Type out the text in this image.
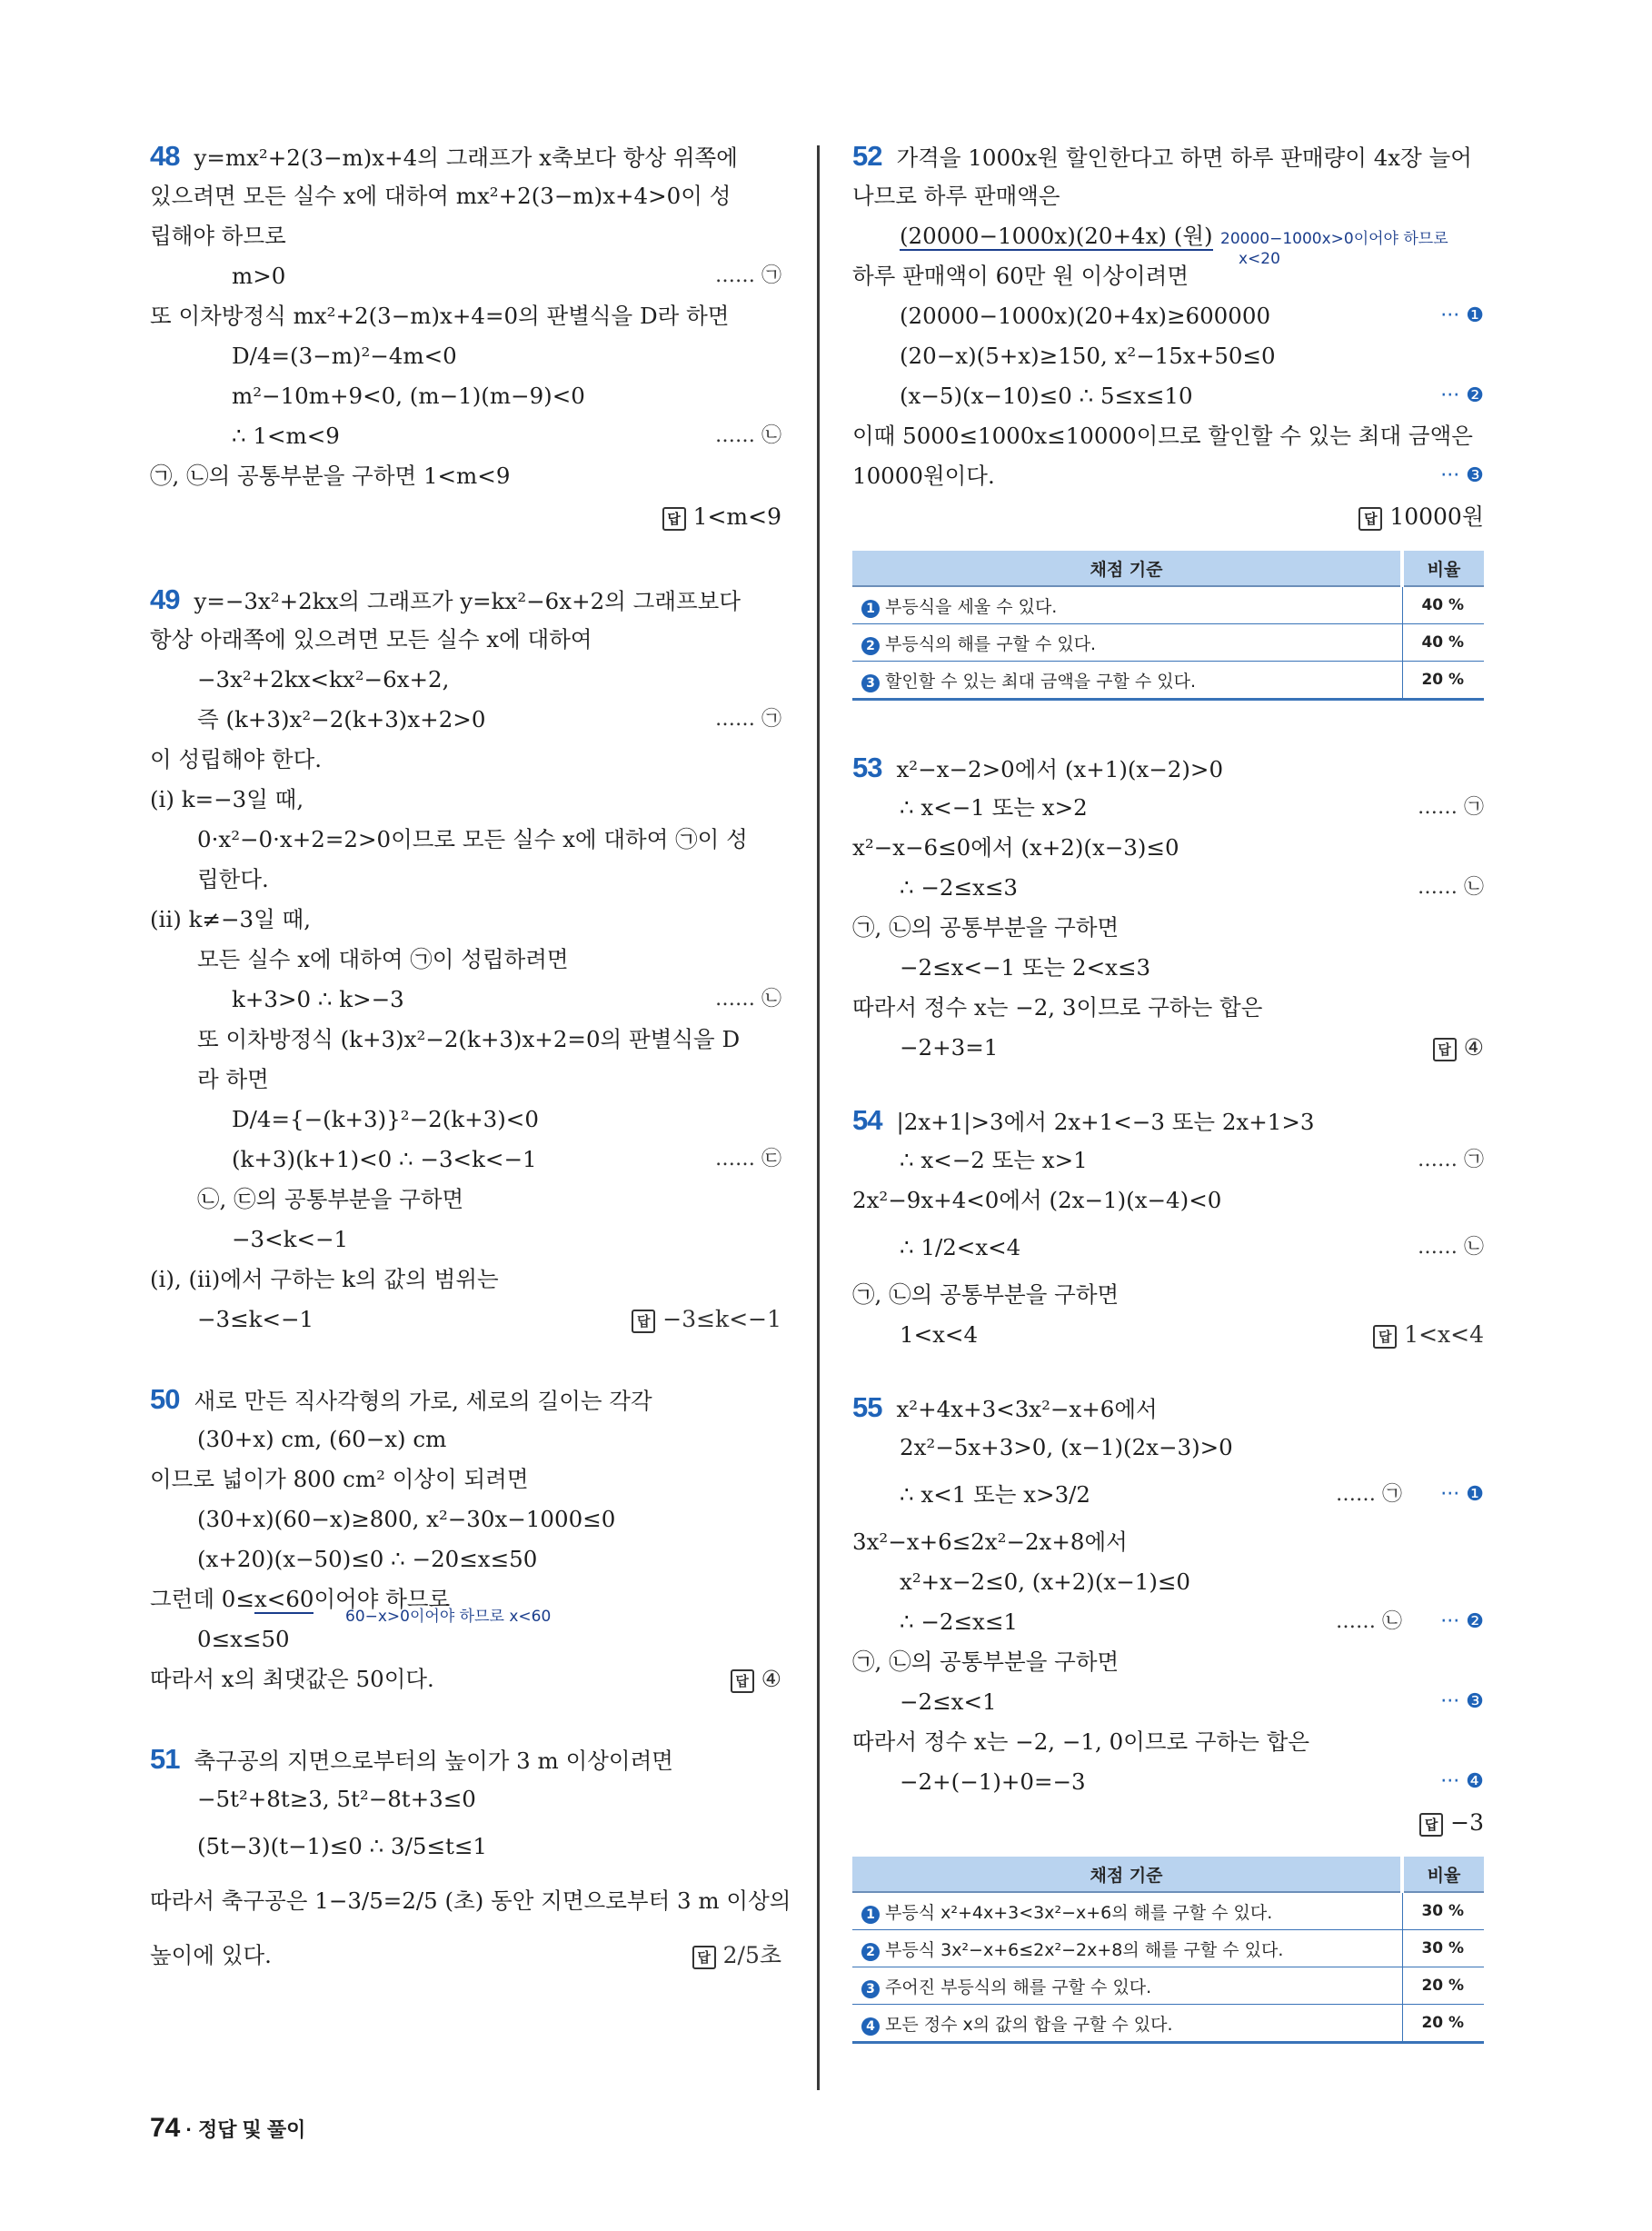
48 y=mx²+2(3−m)x+4의 그래프가 x축보다 항상 위쪽에
있으려면 모든 실수 x에 대하여 mx²+2(3−m)x+4>0이 성
립해야 하므로
m>0	…… ㉠
또 이차방정식 mx²+2(3−m)x+4=0의 판별식을 D라 하면
D/4=(3−m)²−4m<0
m²−10m+9<0, (m−1)(m−9)<0
∴ 1<m<9	…… ㉡
㉠, ㉡의 공통부분을 구하면 1<m<9
답 1<m<9
49 y=−3x²+2kx의 그래프가 y=kx²−6x+2의 그래프보다
항상 아래쪽에 있으려면 모든 실수 x에 대하여
−3x²+2kx<kx²−6x+2,
즉 (k+3)x²−2(k+3)x+2>0	…… ㉠
이 성립해야 한다.
(ⅰ) k=−3일 때,
0·x²−0·x+2=2>0이므로 모든 실수 x에 대하여 ㉠이 성
립한다.
(ⅱ) k≠−3일 때,
모든 실수 x에 대하여 ㉠이 성립하려면
k+3>0 ∴ k>−3	…… ㉡
또 이차방정식 (k+3)x²−2(k+3)x+2=0의 판별식을 D
라 하면
D/4={−(k+3)}²−2(k+3)<0
(k+3)(k+1)<0 ∴ −3<k<−1	…… ㉢
㉡, ㉢의 공통부분을 구하면
−3<k<−1
(ⅰ), (ⅱ)에서 구하는 k의 값의 범위는
−3≤k<−1	답 −3≤k<−1
50 새로 만든 직사각형의 가로, 세로의 길이는 각각
(30+x) cm, (60−x) cm
이므로 넓이가 800 cm² 이상이 되려면
(30+x)(60−x)≥800, x²−30x−1000≤0
(x+20)(x−50)≤0 ∴ −20≤x≤50
그런데 0≤x<60이어야 하므로
60−x>0이어야 하므로 x<60
0≤x≤50
따라서 x의 최댓값은 50이다.	답 ④
51 축구공의 지면으로부터의 높이가 3 m 이상이려면
−5t²+8t≥3, 5t²−8t+3≤0
(5t−3)(t−1)≤0 ∴ 3/5≤t≤1
따라서 축구공은 1−3/5=2/5 (초) 동안 지면으로부터 3 m 이상의
높이에 있다.	답 2/5초
52 가격을 1000x원 할인한다고 하면 하루 판매량이 4x장 늘어
나므로 하루 판매액은
(20000−1000x)(20+4x) (원) 20000−1000x>0이어야 하므로
x<20
하루 판매액이 60만 원 이상이려면
(20000−1000x)(20+4x)≥600000	··· ❶
(20−x)(5+x)≥150, x²−15x+50≤0
(x−5)(x−10)≤0 ∴ 5≤x≤10	··· ❷
이때 5000≤1000x≤10000이므로 할인할 수 있는 최대 금액은
10000원이다.	··· ❸
답 10000원
채점 기준	비율
1 부등식을 세울 수 있다.	40 %
2 부등식의 해를 구할 수 있다.	40 %
3 할인할 수 있는 최대 금액을 구할 수 있다.	20 %
53 x²−x−2>0에서 (x+1)(x−2)>0
∴ x<−1 또는 x>2	…… ㉠
x²−x−6≤0에서 (x+2)(x−3)≤0
∴ −2≤x≤3	…… ㉡
㉠, ㉡의 공통부분을 구하면
−2≤x<−1 또는 2<x≤3
따라서 정수 x는 −2, 3이므로 구하는 합은
−2+3=1	답 ④
54 |2x+1|>3에서 2x+1<−3 또는 2x+1>3
∴ x<−2 또는 x>1	…… ㉠
2x²−9x+4<0에서 (2x−1)(x−4)<0
∴ 1/2<x<4	…… ㉡
㉠, ㉡의 공통부분을 구하면
1<x<4	답 1<x<4
55 x²+4x+3<3x²−x+6에서
2x²−5x+3>0, (x−1)(2x−3)>0
∴ x<1 또는 x>3/2	…… ㉠ ··· ❶
3x²−x+6≤2x²−2x+8에서
x²+x−2≤0, (x+2)(x−1)≤0
∴ −2≤x≤1	…… ㉡ ··· ❷
㉠, ㉡의 공통부분을 구하면
−2≤x<1	··· ❸
따라서 정수 x는 −2, −1, 0이므로 구하는 합은
−2+(−1)+0=−3	··· ❹
답 −3
채점 기준	비율
1 부등식 x²+4x+3<3x²−x+6의 해를 구할 수 있다.	30 %
2 부등식 3x²−x+6≤2x²−2x+8의 해를 구할 수 있다.	30 %
3 주어진 부등식의 해를 구할 수 있다.	20 %
4 모든 정수 x의 값의 합을 구할 수 있다.	20 %
74 · 정답 및 풀이
